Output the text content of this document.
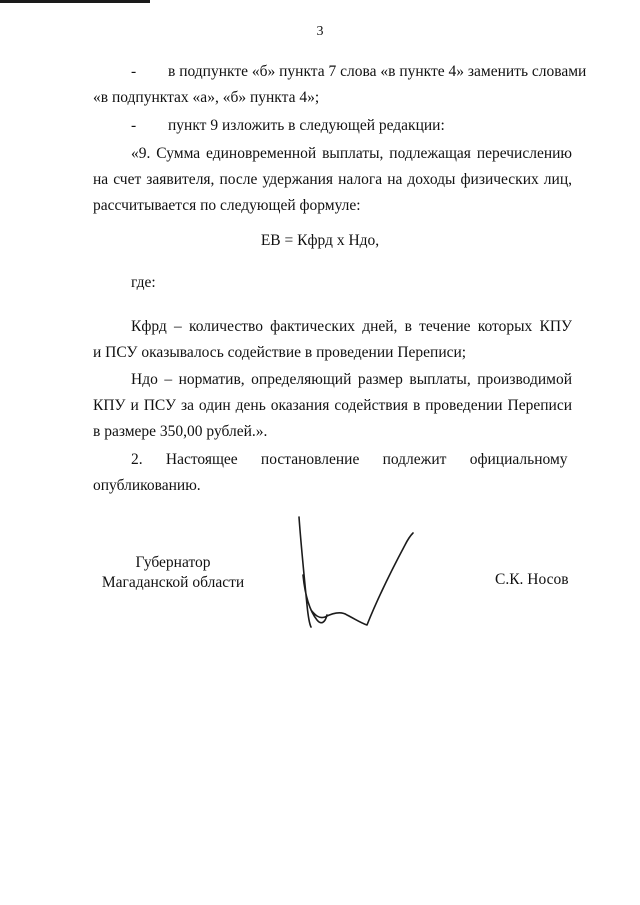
3
- в подпункте «б» пункта 7 слова «в пункте 4» заменить словами
«в подпунктах «а», «б» пункта 4»;
- пункт 9 изложить в следующей редакции:
«9. Сумма единовременной выплаты, подлежащая перечислению
на счет заявителя, после удержания налога на доходы физических лиц,
рассчитывается по следующей формуле:
ЕВ = Кфрд х Ндо,
где:
Кфрд – количество фактических дней, в течение которых КПУ
и ПСУ оказывалось содействие в проведении Переписи;
Ндо – норматив, определяющий размер выплаты, производимой
КПУ и ПСУ за один день оказания содействия в проведении Переписи
в размере 350,00 рублей.».
2.      Настоящее      постановление      подлежит      официальному
опубликованию.
Губернатор
Магаданской области	С.К. Носов
